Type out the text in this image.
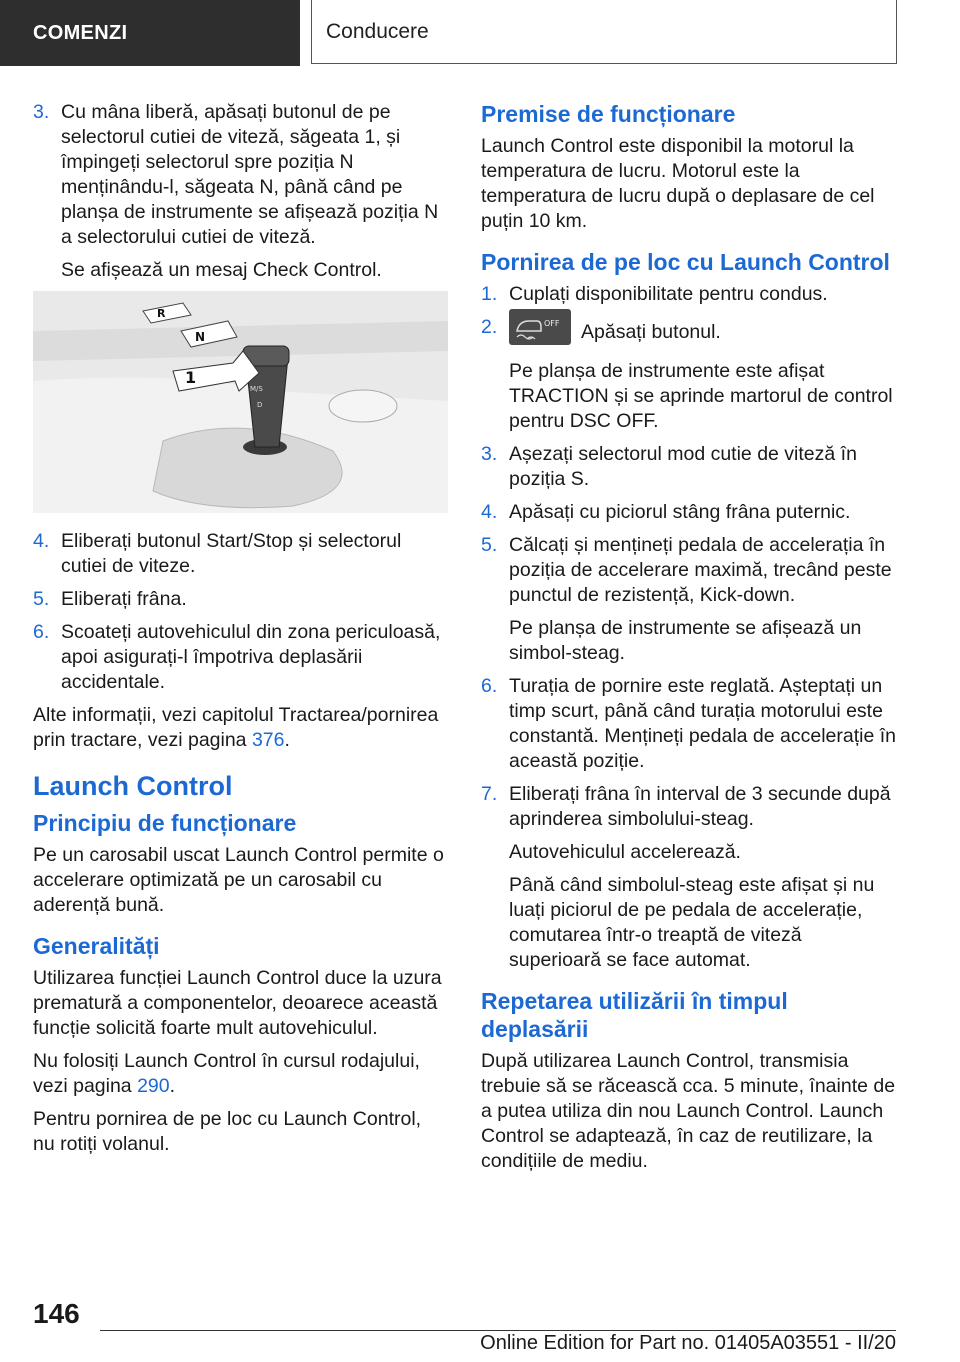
COMENZI	Conducere
3. Cu mâna liberă, apăsați butonul de pe selectorul cutiei de viteză, săgeata 1, și împingeți selectorul spre poziția N menținându-l, săgeata N, până când pe planșa de instrumente se afișează poziția N a selectorului cutiei de viteză.

Se afișează un mesaj Check Control.

M/S
D
R
N
1
4. Eliberați butonul Start/Stop și selectorul cutiei de viteze.

5. Eliberați frâna.

6. Scoateți autovehiculul din zona periculoasă, apoi asigurați-l împotriva deplasării accidentale.

Alte informații, vezi capitolul Tractarea/pornirea prin tractare, vezi pagina 376.

Launch Control
Principiu de funcționare

Pe un carosabil uscat Launch Control permite o accelerare optimizată pe un carosabil cu aderență bună.

Generalități

Utilizarea funcției Launch Control duce la uzura prematură a componentelor, deoarece această funcție solicită foarte mult autovehiculul.

Nu folosiți Launch Control în cursul rodajului, vezi pagina 290.

Pentru pornirea de pe loc cu Launch Control, nu rotiți volanul.

Premise de funcționare

Launch Control este disponibil la motorul la temperatura de lucru. Motorul este la temperatura de lucru după o deplasare de cel puțin 10 km.

Pornirea de pe loc cu Launch Control
1. Cuplați disponibilitate pentru condus.

2.	OFF Apăsați butonul.

Pe planșa de instrumente este afișat TRACTION și se aprinde martorul de control pentru DSC OFF.

3. Așezați selectorul mod cutie de viteză în poziția S.

4. Apăsați cu piciorul stâng frâna puternic.

5. Călcați și mențineți pedala de accelerația în poziția de accelerare maximă, trecând peste punctul de rezistență, Kick-down.

Pe planșa de instrumente se afișează un simbol-steag.

6. Turația de pornire este reglată. Așteptați un timp scurt, până când turația motorului este constantă. Mențineți pedala de accelerație în această poziție.

7. Eliberați frâna în interval de 3 secunde după aprinderea simbolului-steag.

Autovehiculul accelerează.

Până când simbolul-steag este afișat și nu luați piciorul de pe pedala de accelerație, comutarea într-o treaptă de viteză superioară se face automat.

Repetarea utilizării în timpul deplasării

După utilizarea Launch Control, transmisia trebuie să se răcească cca. 5 minute, înainte de a putea utiliza din nou Launch Control. Launch Control se adaptează, în caz de reutilizare, la condițiile de mediu.

146
Online Edition for Part no. 01405A03551 - II/20
